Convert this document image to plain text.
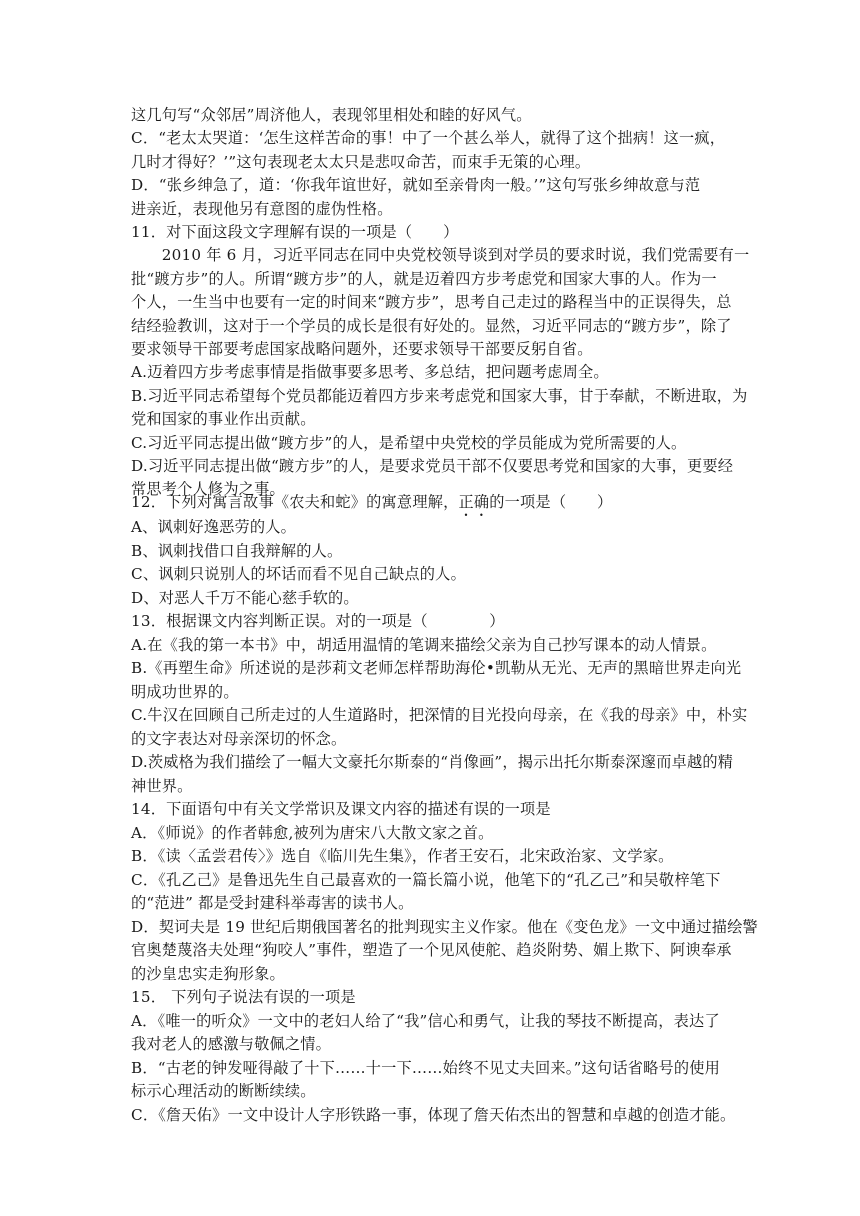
这几句写“众邻居”周济他人，表现邻里相处和睦的好风气。
C．“老太太哭道：‘怎生这样苦命的事！中了一个甚么举人，就得了这个拙病！这一疯，
几时才得好？’”这句表现老太太只是悲叹命苦，而束手无策的心理。
D．“张乡绅急了，道：‘你我年谊世好，就如至亲骨肉一般。’”这句写张乡绅故意与范
进亲近，表现他另有意图的虚伪性格。
11．对下面这段文字理解有误的一项是（　　）
　　2010 年 6 月，习近平同志在同中央党校领导谈到对学员的要求时说，我们党需要有一
批“踱方步”的人。所谓“踱方步”的人，就是迈着四方步考虑党和国家大事的人。作为一
个人，一生当中也要有一定的时间来“踱方步”，思考自己走过的路程当中的正误得失，总
结经验教训，这对于一个学员的成长是很有好处的。显然，习近平同志的“踱方步”，除了
要求领导干部要考虑国家战略问题外，还要求领导干部要反躬自省。
A.迈着四方步考虑事情是指做事要多思考、多总结，把问题考虑周全。
B.习近平同志希望每个党员都能迈着四方步来考虑党和国家大事，甘于奉献，不断进取，为
党和国家的事业作出贡献。
C.习近平同志提出做“踱方步”的人，是希望中央党校的学员能成为党所需要的人。
D.习近平同志提出做“踱方步”的人，是要求党员干部不仅要思考党和国家的大事，更要经
常思考个人修为之事。
12．下列对寓言故事《农夫和蛇》的寓意理解，正确的一项是（　　）
A、讽刺好逸恶劳的人。
B、讽刺找借口自我辩解的人。
C、讽刺只说别人的坏话而看不见自己缺点的人。
D、对恶人千万不能心慈手软的。
13．根据课文内容判断正误。对的一项是（　　　　）
A.在《我的第一本书》中，胡适用温情的笔调来描绘父亲为自己抄写课本的动人情景。
B.《再塑生命》所述说的是莎莉文老师怎样帮助海伦•凯勒从无光、无声的黑暗世界走向光
明成功世界的。
C.牛汉在回顾自己所走过的人生道路时，把深情的目光投向母亲，在《我的母亲》中，朴实
的文字表达对母亲深切的怀念。
D.茨威格为我们描绘了一幅大文豪托尔斯泰的“肖像画”，揭示出托尔斯泰深邃而卓越的精
神世界。
14．下面语句中有关文学常识及课文内容的描述有误的一项是
A．《师说》的作者韩愈,被列为唐宋八大散文家之首。
B．《读〈孟尝君传〉》选自《临川先生集》，作者王安石，北宋政治家、文学家。
C．《孔乙己》是鲁迅先生自己最喜欢的一篇长篇小说，他笔下的“孔乙己”和吴敬梓笔下
的“范进” 都是受封建科举毒害的读书人。
D．契诃夫是 19 世纪后期俄国著名的批判现实主义作家。他在《变色龙》一文中通过描绘警
官奥楚蔑洛夫处理“狗咬人”事件，塑造了一个见风使舵、趋炎附势、媚上欺下、阿谀奉承
的沙皇忠实走狗形象。
15． 下列句子说法有误的一项是
A．《唯一的听众》一文中的老妇人给了“我”信心和勇气，让我的琴技不断提高，表达了
我对老人的感激与敬佩之情。
B．“古老的钟发哑得敲了十下……十一下……始终不见丈夫回来。”这句话省略号的使用
标示心理活动的断断续续。
C．《詹天佑》一文中设计人字形铁路一事，体现了詹天佑杰出的智慧和卓越的创造才能。
